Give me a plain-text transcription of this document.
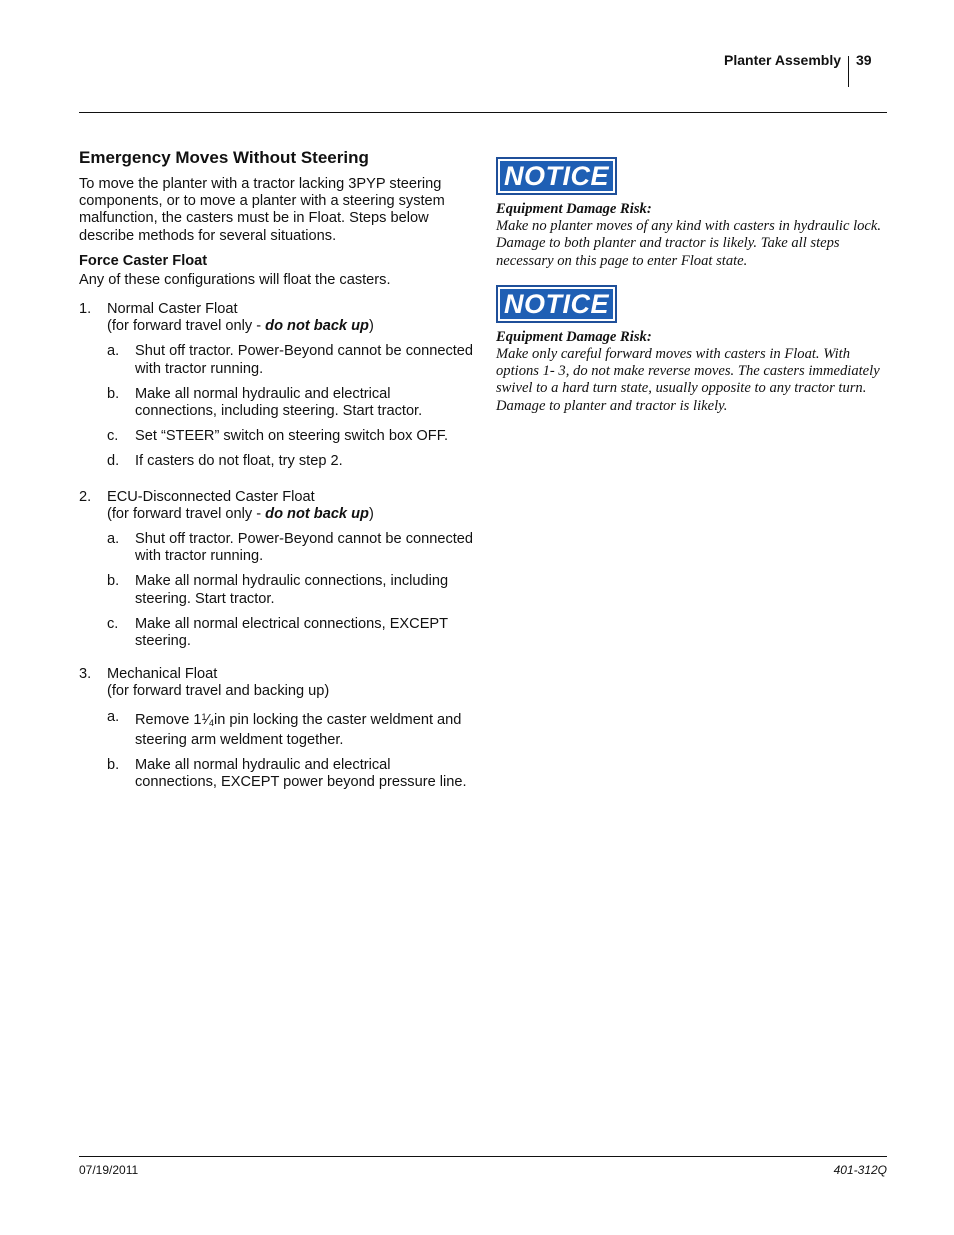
Planter Assembly 39
Emergency Moves Without Steering

To move the planter with a tractor lacking 3PYP steering components, or to move a planter with a steering system malfunction, the casters must be in Float. Steps below describe methods for several situations.

Force Caster Float

Any of these configurations will float the casters.

1. Normal Caster Float
(for forward travel only - do not back up)
a. Shut off tractor. Power-Beyond cannot be connected with tractor running.
b. Make all normal hydraulic and electrical connections, including steering. Start tractor.
c. Set “STEER” switch on steering switch box OFF.
d. If casters do not float, try step 2.
2. ECU-Disconnected Caster Float
(for forward travel only - do not back up)
a. Shut off tractor. Power-Beyond cannot be connected with tractor running.
b. Make all normal hydraulic connections, including steering. Start tractor.
c. Make all normal electrical connections, EXCEPT steering.
3. Mechanical Float
(for forward travel and backing up)
a. Remove $1^1⁄_4in$ pin locking the caster weldment and steering arm weldment together.
b. Make all normal hydraulic and electrical connections, EXCEPT power beyond pressure line.
NOTICE
Equipment Damage Risk:
Make no planter moves of any kind with casters in hydraulic lock. Damage to both planter and tractor is likely. Take all steps necessary on this page to enter Float state.
NOTICE
Equipment Damage Risk:
Make only careful forward moves with casters in Float. With options 1- 3, do not make reverse moves. The casters immediately swivel to a hard turn state, usually opposite to any tractor turn. Damage to planter and tractor is likely.
07/19/2011	401-312Q
